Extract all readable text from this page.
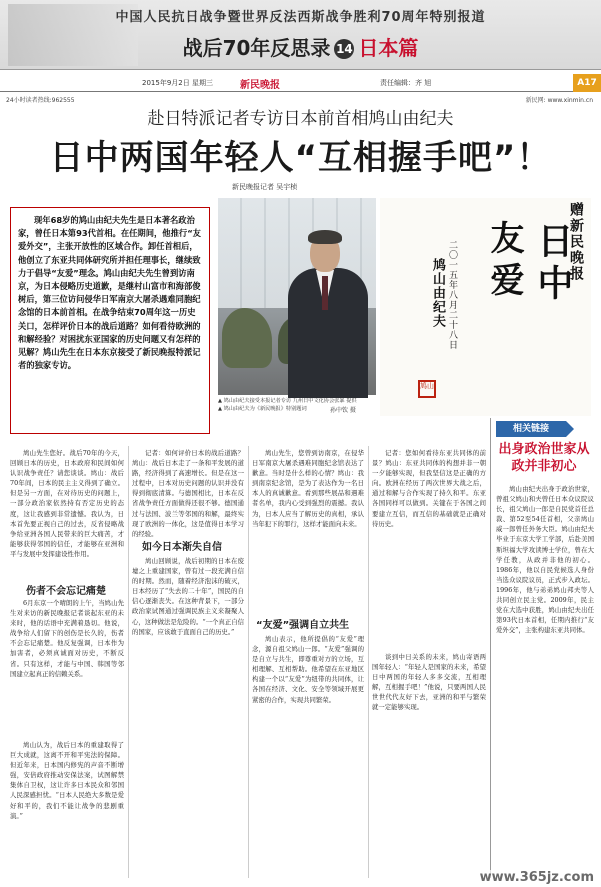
中国人民抗日战争暨世界反法西斯战争胜利70周年特别报道
战后70年反思录 14 日本篇
2015年9月2日 星期三	新民晚报	责任编辑：齐 旭	A17
24小时读者热线:962555	新民网: www.xinmin.cn
赴日特派记者专访日本前首相鸠山由纪夫
日中两国年轻人“互相握手吧”！
新民晚报记者 吴宇桢
现年68岁的鸠山由纪夫先生是日本著名政治家，曾任日本第93代首相。在任期间，他推行“友爱外交”，主张开放性的区域合作。卸任首相后，他创立了东亚共同体研究所并担任理事长，继续致力于倡导“友爱”理念。鸠山由纪夫先生曾到访南京，为日本侵略历史道歉，是继村山富市和海部俊树后，第三位访问侵华日军南京大屠杀遇难同胞纪念馆的日本前首相。在战争结束70周年这一历史关口，怎样评价日本的战后道路？如何看待欧洲的和解经验？对困扰东亚国家的历史问题又有怎样的见解？鸠山先生在日本东京接受了新民晚报特派记者的独家专访。
▲ 鸠山由纪夫接受本报记者专访 九州日中文化协会张暴 提供
▲ 鸠山由纪夫为《新民晚报》特别题词	孙中钦 摄
赠新民晚报
日中
友爱
二〇一五年八月二十八日
鸠山由纪夫
鸠山
鸠山先生您好。战后70年的今天，回顾日本的历史，日本政府和民间如何认识战争责任？请您谈谈。鸠山：战后70年间，日本的民主主义得到了确立。但是另一方面，在对待历史的问题上，一部分政治家依然持有否定历史的态度，这让我感到非常遗憾。我认为，日本首先要正视自己的过去，反省侵略战争给亚洲各国人民带来的巨大痛苦，才能够获得邻国的信任，才能够在亚洲和平与发展中发挥建设性作用。
伤者不会忘记痛楚
6月东京一个晴朗的上午，当鸠山先生对来访的新民晚报记者谈起东亚的未来时，他的话语中充满着恳切。他说，战争给人们留下的创伤是长久的，伤者不会忘记痛楚。他反复强调，日本作为加害者，必须真诚面对历史，不断反省。只有这样，才能与中国、韩国等邻国建立起真正的信赖关系。
鸠山认为，战后日本的重建取得了巨大成就，这离不开和平宪法的保障。但近年来，日本国内修宪的声音不断增强，安倍政府推动安保法案，试图解禁集体自卫权，这让许多日本民众和邻国人民深感担忧。“日本人民绝大多数是爱好和平的，我们不能让战争的悲剧重演。”
记者：如何评价日本的战后道路？鸠山：战后日本走了一条和平发展的道路，经济得到了高速增长。但是在这一过程中，日本对历史问题的认识并没有得到彻底清算。与德国相比，日本在反省战争责任方面做得还很不够。德国通过与法国、波兰等邻国的和解，最终实现了欧洲的一体化，这是值得日本学习的经验。
如今日本渐失自信
鸠山回顾说，战后初期的日本在废墟之上重建国家，曾有过一段充满自信的时期。然而，随着经济泡沫的破灭，日本经历了“失去的二十年”，国民的自信心逐渐丧失。在这种背景下，一部分政治家试图通过强调民族主义来凝聚人心，这种做法是危险的。“一个真正自信的国家，应该敢于直面自己的历史。”
鸠山先生，您曾到访南京，在侵华日军南京大屠杀遇难同胞纪念馆表达了歉意。当时是什么样的心情？鸠山：我到南京纪念馆，是为了表达作为一名日本人的真诚歉意。看到那些展品和遇难者名单，我内心受到强烈的震撼。我认为，日本人应当了解历史的真相，承认当年犯下的罪行，这样才能面向未来。
“友爱”强调自立共生
鸠山表示，他所提倡的“友爱”理念，源自祖父鸠山一郎。“友爱”强调的是自立与共生，即尊重对方的立场，互相理解、互相帮助。他希望在东亚地区构建一个以“友爱”为纽带的共同体，让各国在经济、文化、安全等领域开展更紧密的合作，实现共同繁荣。
记者：您如何看待东亚共同体的前景？鸠山：东亚共同体的构想并非一朝一夕能够实现，但我坚信这是正确的方向。欧洲在经历了两次世界大战之后，通过和解与合作实现了持久和平。东亚各国同样可以做到。关键在于各国之间要建立互信，而互信的基础就是正确对待历史。
谈到中日关系的未来，鸠山寄语两国年轻人：“年轻人是国家的未来，希望日中两国的年轻人多多交流，互相理解，互相握手吧！”他说，只要两国人民世世代代友好下去，亚洲的和平与繁荣就一定能够实现。
相关链接
出身政治世家从政并非初心
鸠山由纪夫出身于政治世家，曾祖父鸠山和夫曾任日本众议院议长，祖父鸠山一郎是自民党首任总裁、第52至54任首相，父亲鸠山威一郎曾任外务大臣。鸠山由纪夫毕业于东京大学工学部，后赴美国斯坦福大学攻读博士学位，曾在大学任教，从政并非他的初心。1986年，他以自民党候选人身份当选众议院议员，正式步入政坛。1996年，他与弟弟鸠山邦夫等人共同创立民主党。2009年，民主党在大选中获胜，鸠山由纪夫出任第93代日本首相，任期内推行“友爱外交”，主张构建东亚共同体。
www.365jz.com
